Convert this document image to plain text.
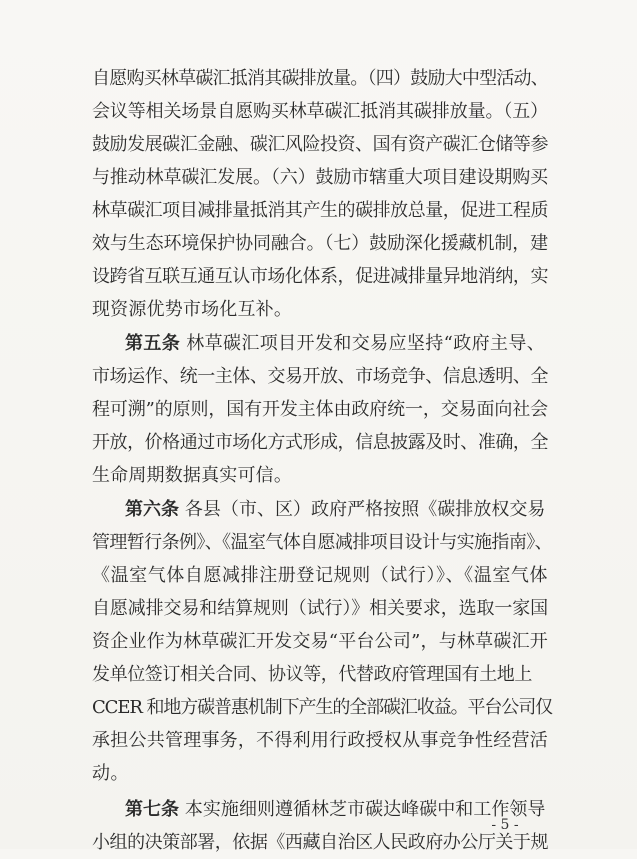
自愿购买林草碳汇抵消其碳排放量。（四）鼓励大中型活动、
会议等相关场景自愿购买林草碳汇抵消其碳排放量。（五）
鼓励发展碳汇金融、碳汇风险投资、国有资产碳汇仓储等参
与推动林草碳汇发展。（六）鼓励市辖重大项目建设期购买
林草碳汇项目减排量抵消其产生的碳排放总量，促进工程质
效与生态环境保护协同融合。（七）鼓励深化援藏机制，建
设跨省互联互通互认市场化体系，促进减排量异地消纳，实
现资源优势市场化互补。
第五条 林草碳汇项目开发和交易应坚持“政府主导、
市场运作、统一主体、交易开放、市场竞争、信息透明、全
程可溯”的原则，国有开发主体由政府统一，交易面向社会
开放，价格通过市场化方式形成，信息披露及时、准确，全
生命周期数据真实可信。
第六条 各县（市、区）政府严格按照《碳排放权交易
管理暂行条例》、《温室气体自愿减排项目设计与实施指南》、
《温室气体自愿减排注册登记规则（试行）》、《温室气体
自愿减排交易和结算规则（试行）》相关要求，选取一家国
资企业作为林草碳汇开发交易“平台公司”，与林草碳汇开
发单位签订相关合同、协议等，代替政府管理国有土地上
CCER 和地方碳普惠机制下产生的全部碳汇收益。平台公司仅
承担公共管理事务，不得利用行政授权从事竞争性经营活
动。
第七条 本实施细则遵循林芝市碳达峰碳中和工作领导
小组的决策部署，依据《西藏自治区人民政府办公厅关于规
- 5 -
